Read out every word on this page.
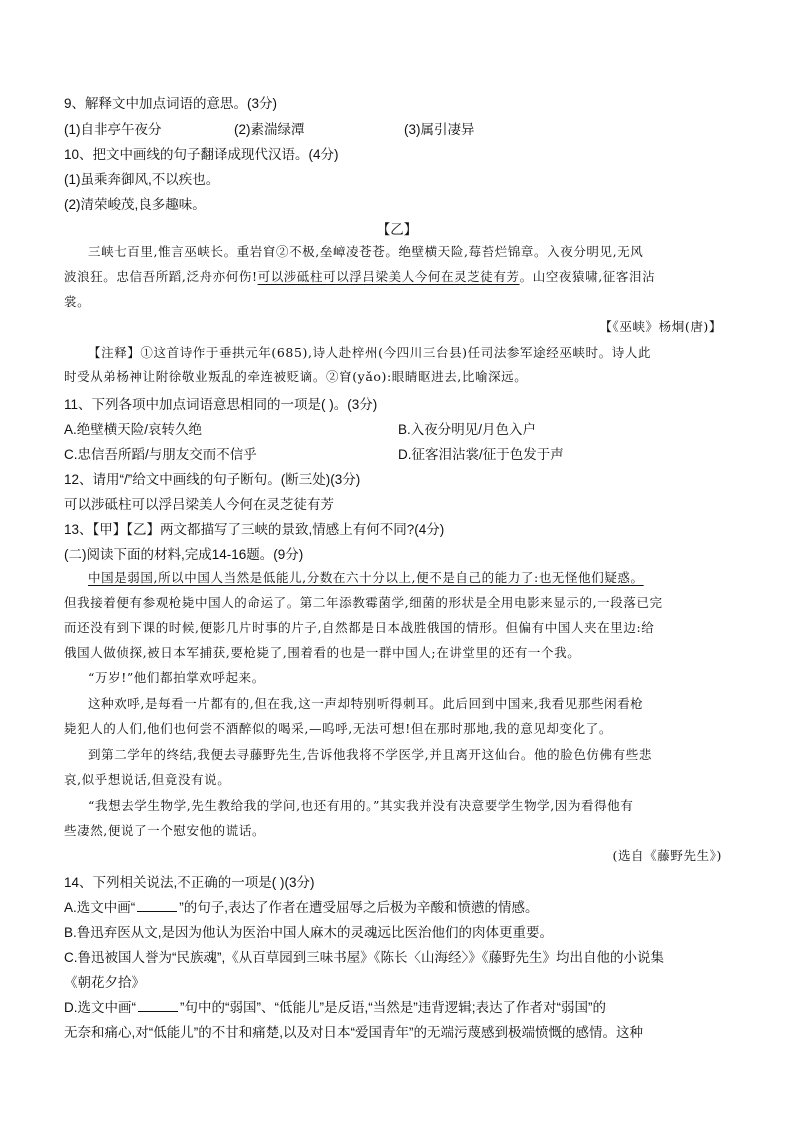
9、解释文中加点词语的意思。(3分)
(1)自非亭午夜分	(2)素湍绿潭	(3)属引凄异
10、把文中画线的句子翻译成现代汉语。(4分)
(1)虽乘奔御风,不以疾也。
(2)清荣峻茂,良多趣味。
【乙】
三峡七百里,惟言巫峡长。重岩窅②不极,垒嶂凌苍苍。绝壁横天险,莓苔烂锦章。入夜分明见,无风
波浪狂。忠信吾所蹈,泛舟亦何伤!可以涉砥柱可以浮吕梁美人今何在灵芝徒有芳。山空夜猿啸,征客泪沾
裳。
【《巫峡》杨炯(唐)】
【注释】①这首诗作于垂拱元年(685),诗人赴梓州(今四川三台县)任司法参军途经巫峡时。诗人此
时受从弟杨神让附徐敬业叛乱的牵连被贬谪。②窅(yǎo):眼睛眍进去,比喻深远。
11、下列各项中加点词语意思相同的一项是( )。(3分)
A.绝壁横天险/哀转久绝	B.入夜分明见/月色入户
C.忠信吾所蹈/与朋友交而不信乎	D.征客泪沾裳/征于色发于声
12、请用“/”给文中画线的句子断句。(断三处)(3分)
可以涉砥柱可以浮吕梁美人今何在灵芝徒有芳
13、【甲】【乙】两文都描写了三峡的景致,情感上有何不同?(4分)
(二)阅读下面的材料,完成14-16题。(9分)
中国是弱国,所以中国人当然是低能儿,分数在六十分以上,便不是自己的能力了:也无怪他们疑惑。
但我接着便有参观枪毙中国人的命运了。第二年添教霉菌学,细菌的形状是全用电影来显示的,一段落已完
而还没有到下课的时候,便影几片时事的片子,自然都是日本战胜俄国的情形。但偏有中国人夹在里边:给
俄国人做侦探,被日本军捕获,要枪毙了,围着看的也是一群中国人;在讲堂里的还有一个我。
“万岁!”他们都拍掌欢呼起来。
这种欢呼,是每看一片都有的,但在我,这一声却特别听得刺耳。此后回到中国来,我看见那些闲看枪
毙犯人的人们,他们也何尝不酒醉似的喝采,—呜呼,无法可想!但在那时那地,我的意见却变化了。
到第二学年的终结,我便去寻藤野先生,告诉他我将不学医学,并且离开这仙台。他的脸色仿佛有些悲
哀,似乎想说话,但竟没有说。
“我想去学生物学,先生教给我的学问,也还有用的。”其实我并没有决意要学生物学,因为看得他有
些凄然,便说了一个慰安他的谎话。
(选自《藤野先生》)
14、下列相关说法,不正确的一项是( )(3分)
A.选文中画“	”的句子,表达了作者在遭受屈辱之后极为辛酸和愤懑的情感。
B.鲁迅弃医从文,是因为他认为医治中国人麻木的灵魂远比医治他们的肉体更重要。
C.鲁迅被国人誉为“民族魂”,《从百草园到三味书屋》《陈长〈山海经〉》《藤野先生》均出自他的小说集
《朝花夕拾》
D.选文中画“	”句中的“弱国”、“低能儿”是反语,“当然是”违背逻辑;表达了作者对“弱国”的
无奈和痛心,对“低能儿”的不甘和痛楚,以及对日本“爱国青年”的无端污蔑感到极端愤慨的感情。这种
